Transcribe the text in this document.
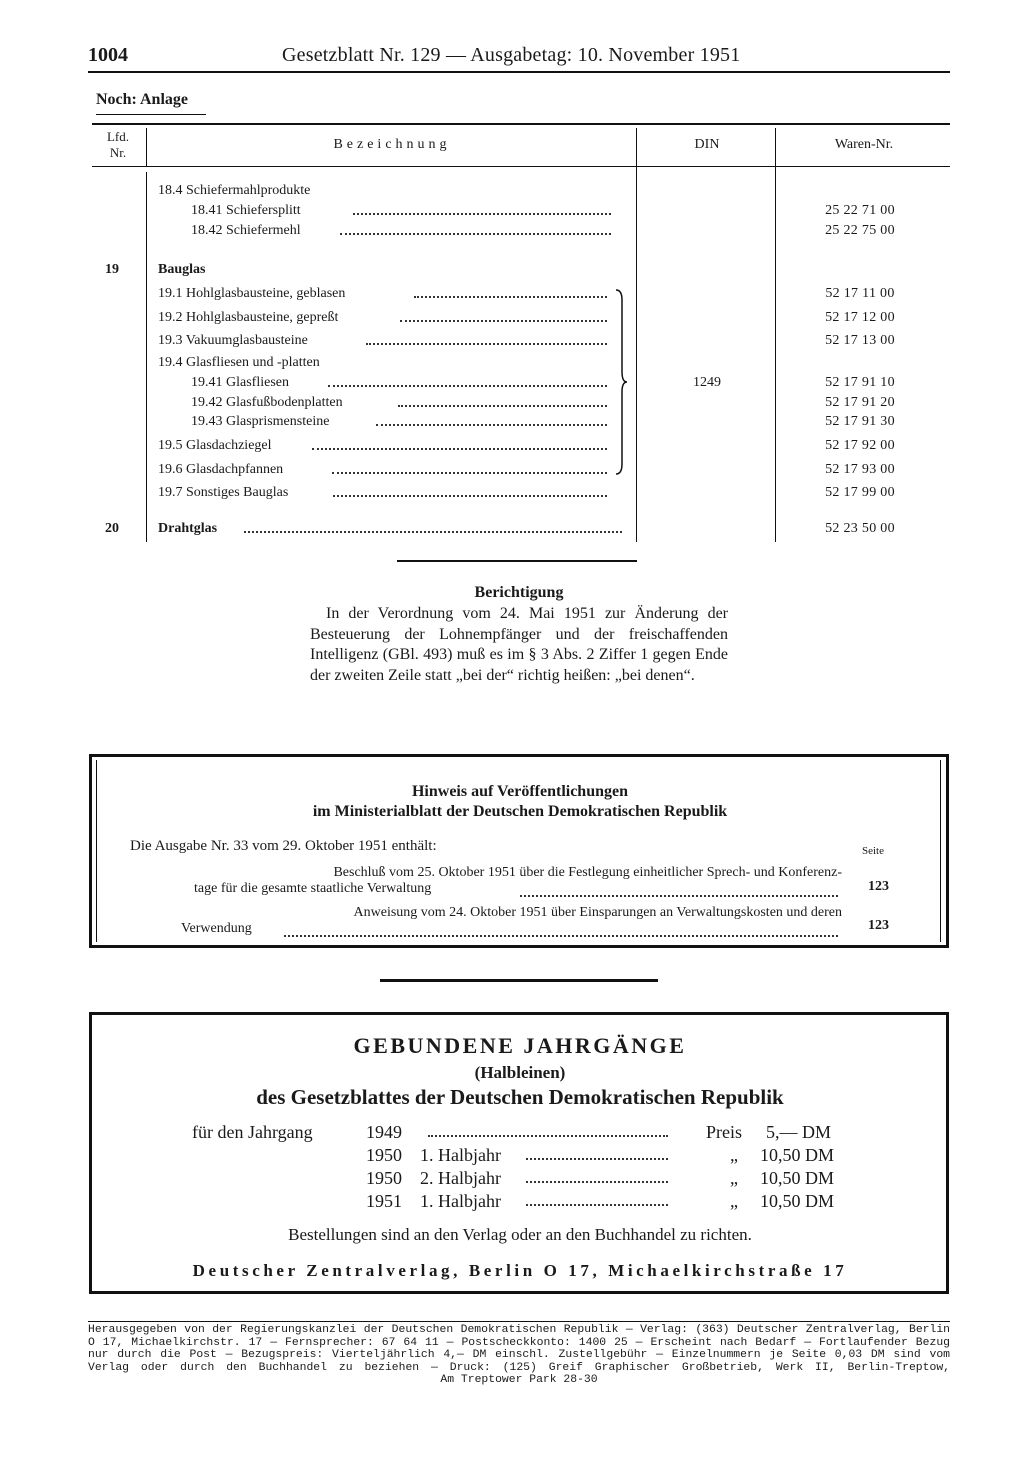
1004	Gesetzblatt Nr. 129 — Ausgabetag: 10. November 1951
Noch: Anlage
Lfd.
Nr.
Bezeichnung	DIN	Waren-Nr.
18.4 Schiefermahlprodukte
18.41 Schiefersplitt	25 22 71 00
18.42 Schiefermehl	25 22 75 00
19	Bauglas
19.1 Hohlglasbausteine, geblasen	52 17 11 00
19.2 Hohlglasbausteine, gepreßt	52 17 12 00
19.3 Vakuumglasbausteine	52 17 13 00
19.4 Glasfliesen und -platten
19.41 Glasfliesen	1249	52 17 91 10
19.42 Glasfußbodenplatten	52 17 91 20
19.43 Glasprismensteine	52 17 91 30
19.5 Glasdachziegel	52 17 92 00
19.6 Glasdachpfannen	52 17 93 00
19.7 Sonstiges Bauglas	52 17 99 00
20	Drahtglas	52 23 50 00
Berichtigung
In der Verordnung vom 24. Mai 1951 zur Änderung der Besteuerung der Lohnempfänger und der freischaffenden Intelligenz (GBl. 493) muß es im § 3 Abs. 2 Ziffer 1 gegen Ende der zweiten Zeile statt „bei der“ richtig heißen: „bei denen“.
Hinweis auf Veröffentlichungen
im Ministerialblatt der Deutschen Demokratischen Republik
Die Ausgabe Nr. 33 vom 29. Oktober 1951 enthält:	Seite
Beschluß vom 25. Oktober 1951 über die Festlegung einheitlicher Sprech- und Konferenz-
tage für die gesamte staatliche Verwaltung	123
Anweisung vom 24. Oktober 1951 über Einsparungen an Verwaltungskosten und deren
Verwendung	123
GEBUNDENE JAHRGÄNGE
(Halbleinen)
des Gesetzblattes der Deutschen Demokratischen Republik
für den Jahrgang	1949	Preis 5,— DM
1950 1. Halbjahr	„ 10,50 DM
1950 2. Halbjahr	„ 10,50 DM
1951 1. Halbjahr	„ 10,50 DM
Bestellungen sind an den Verlag oder an den Buchhandel zu richten.
Deutscher Zentralverlag, Berlin O 17, Michaelkirchstraße 17
Herausgegeben von der Regierungskanzlei der Deutschen Demokratischen Republik — Verlag: (363) Deutscher Zentralverlag, Berlin O 17, Michaelkirchstr. 17 — Fernsprecher: 67 64 11 — Postscheckkonto: 1400 25 — Erscheint nach Bedarf — Fortlaufender Bezug nur durch die Post — Bezugspreis: Vierteljährlich 4,— DM einschl. Zustellgebühr — Einzelnummern je Seite 0,03 DM sind vom Verlag oder durch den Buchhandel zu beziehen — Druck: (125) Greif Graphischer Großbetrieb, Werk II, Berlin-Treptow,
Am Treptower Park 28-30
